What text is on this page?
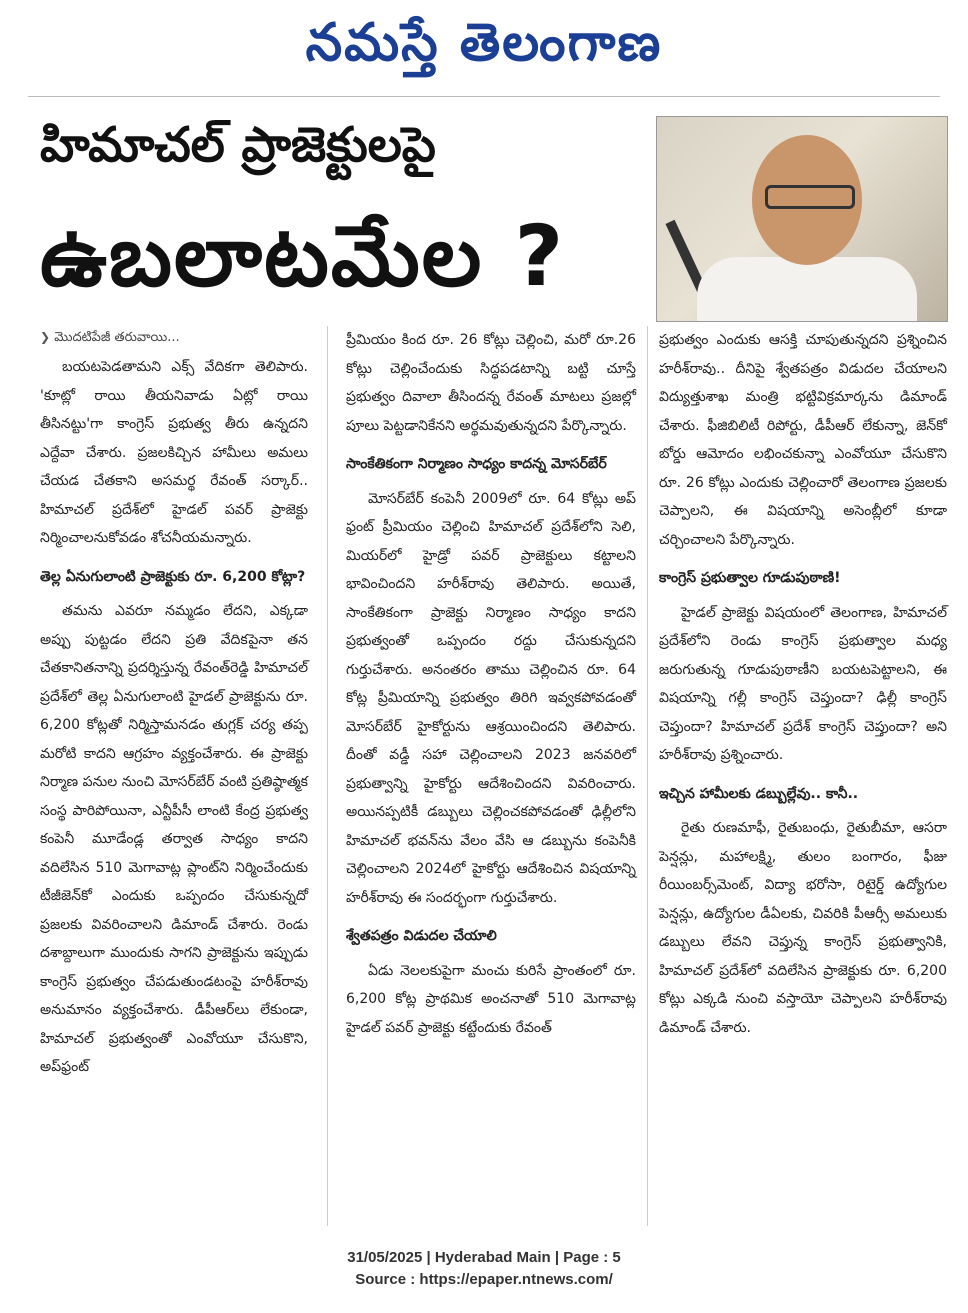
నమస్తే తెలంగాణ
హిమాచల్ ప్రాజెక్టులపై
ఉబలాటమేల ?
❯ మొదటిపేజీ తరువాయి...

బయటపెడతామని ఎక్స్ వేదికగా తెలిపారు. 'కూట్లో రాయి తీయనివాడు ఏట్లో రాయి తీసినట్టు'గా కాంగ్రెస్ ప్రభుత్వ తీరు ఉన్నదని ఎద్దేవా చేశారు. ప్రజలకిచ్చిన హామీలు అమలు చేయడ చేతకాని అసమర్థ రేవంత్ సర్కార్.. హిమాచల్ ప్రదేశ్‌లో హైడల్ పవర్ ప్రాజెక్టు నిర్మించాలనుకోవడం శోచనీయమన్నారు.

తెల్ల ఏనుగులాంటి ప్రాజెక్టుకు రూ. 6,200 కోట్లా?

తమను ఎవరూ నమ్మడం లేదని, ఎక్కడా అప్పు పుట్టడం లేదని ప్రతి వేదికపైనా తన చేతకానితనాన్ని ప్రదర్శిస్తున్న రేవంత్‌రెడ్డి హిమాచల్ ప్రదేశ్‌లో తెల్ల ఏనుగులాంటి హైడల్ ప్రాజెక్టును రూ. 6,200 కోట్లతో నిర్మిస్తామనడం తుగ్లక్ చర్య తప్ప మరోటి కాదని ఆగ్రహం వ్యక్తంచేశారు. ఈ ప్రాజెక్టు నిర్మాణ పనుల నుంచి మోసర్‌బేర్ వంటి ప్రతిష్ఠాత్మక సంస్థ పారిపోయినా, ఎన్టీపీసీ లాంటి కేంద్ర ప్రభుత్వ కంపెనీ మూడేండ్ల తర్వాత సాధ్యం కాదని వదిలేసిన 510 మెగావాట్ల ప్లాంట్‌ని నిర్మించేందుకు టీజీజెన్‌కో ఎందుకు ఒప్పందం చేసుకున్నదో ప్రజలకు వివరించాలని డిమాండ్ చేశారు. రెండు దశాబ్దాలుగా ముందుకు సాగని ప్రాజెక్టును ఇప్పుడు కాంగ్రెస్ ప్రభుత్వం చేపడుతుండటంపై హరీశ్‌రావు అనుమానం వ్యక్తంచేశారు. డీపీఆర్‌లు లేకుండా, హిమాచల్ ప్రభుత్వంతో ఎంవోయూ చేసుకొని, అప్‌ఫ్రంట్

ప్రీమియం కింద రూ. 26 కోట్లు చెల్లించి, మరో రూ.26 కోట్లు చెల్లించేందుకు సిద్ధపడటాన్ని బట్టి చూస్తే ప్రభుత్వం దివాలా తీసిందన్న రేవంత్ మాటలు ప్రజల్లో పూలు పెట్టడానికేనని అర్థమవుతున్నదని పేర్కొన్నారు.

సాంకేతికంగా నిర్మాణం సాధ్యం కాదన్న మోసర్‌బేర్

మోసర్‌బేర్ కంపెనీ 2009లో రూ. 64 కోట్లు అప్ ఫ్రంట్ ప్రీమియం చెల్లించి హిమాచల్ ప్రదేశ్‌లోని సెలి, మియర్‌లో హైడ్రో పవర్ ప్రాజెక్టులు కట్టాలని భావించిందని హరీశ్‌రావు తెలిపారు. అయితే, సాంకేతికంగా ప్రాజెక్టు నిర్మాణం సాధ్యం కాదని ప్రభుత్వంతో ఒప్పందం రద్దు చేసుకున్నదని గుర్తుచేశారు. అనంతరం తాము చెల్లించిన రూ. 64 కోట్ల ప్రీమియాన్ని ప్రభుత్వం తిరిగి ఇవ్వకపోవడంతో మోసర్‌బేర్ హైకోర్టును ఆశ్రయించిందని తెలిపారు. దీంతో వడ్డీ సహా చెల్లించాలని 2023 జనవరిలో ప్రభుత్వాన్ని హైకోర్టు ఆదేశించిందని వివరించారు. అయినప్పటికీ డబ్బులు చెల్లించకపోవడంతో ఢిల్లీలోని హిమాచల్ భవన్‌ను వేలం వేసి ఆ డబ్బును కంపెనీకి చెల్లించాలని 2024లో హైకోర్టు ఆదేశించిన విషయాన్ని హరీశ్‌రావు ఈ సందర్భంగా గుర్తుచేశారు.

శ్వేతపత్రం విడుదల చేయాలి

ఏడు నెలలకుపైగా మంచు కురిసే ప్రాంతంలో రూ. 6,200 కోట్ల ప్రాథమిక అంచనాతో 510 మెగావాట్ల హైడల్ పవర్ ప్రాజెక్టు కట్టేందుకు రేవంత్

ప్రభుత్వం ఎందుకు ఆసక్తి చూపుతున్నదని ప్రశ్నించిన హరీశ్‌రావు.. దీనిపై శ్వేతపత్రం విడుదల చేయాలని విద్యుత్తుశాఖ మంత్రి భట్టివిక్రమార్కను డిమాండ్ చేశారు. ఫీజిబిలిటీ రిపోర్టు, డీపీఆర్ లేకున్నా, జెన్‌కో బోర్డు ఆమోదం లభించకున్నా ఎంవోయూ చేసుకొని రూ. 26 కోట్లు ఎందుకు చెల్లించారో తెలంగాణ ప్రజలకు చెప్పాలని, ఈ విషయాన్ని అసెంబ్లీలో కూడా చర్చించాలని పేర్కొన్నారు.

కాంగ్రెస్ ప్రభుత్వాల గూడుపుఠాణి!

హైడల్ ప్రాజెక్టు విషయంలో తెలంగాణ, హిమాచల్ ప్రదేశ్‌లోని రెండు కాంగ్రెస్ ప్రభుత్వాల మధ్య జరుగుతున్న గూడుపుఠాణీని బయటపెట్టాలని, ఈ విషయాన్ని గల్లీ కాంగ్రెస్ చెప్తుందా? ఢిల్లీ కాంగ్రెస్ చెప్తుందా? హిమాచల్ ప్రదేశ్ కాంగ్రెస్ చెప్తుందా? అని హరీశ్‌రావు ప్రశ్నించారు.

ఇచ్చిన హామీలకు డబ్బుల్లేవు.. కానీ..

రైతు రుణమాఫీ, రైతుబంధు, రైతుబీమా, ఆసరా పెన్షన్లు, మహాలక్ష్మి, తులం బంగారం, ఫీజు రీయింబర్స్‌మెంట్, విద్యా భరోసా, రిటైర్డ్ ఉద్యోగుల పెన్షన్లు, ఉద్యోగుల డీఏలకు, చివరికి పీఆర్సీ అమలుకు డబ్బులు లేవని చెప్తున్న కాంగ్రెస్ ప్రభుత్వానికి, హిమాచల్ ప్రదేశ్‌లో వదిలేసిన ప్రాజెక్టుకు రూ. 6,200 కోట్లు ఎక్కడి నుంచి వస్తాయో చెప్పాలని హరీశ్‌రావు డిమాండ్ చేశారు.

31/05/2025 | Hyderabad Main | Page : 5
Source : https://epaper.ntnews.com/
